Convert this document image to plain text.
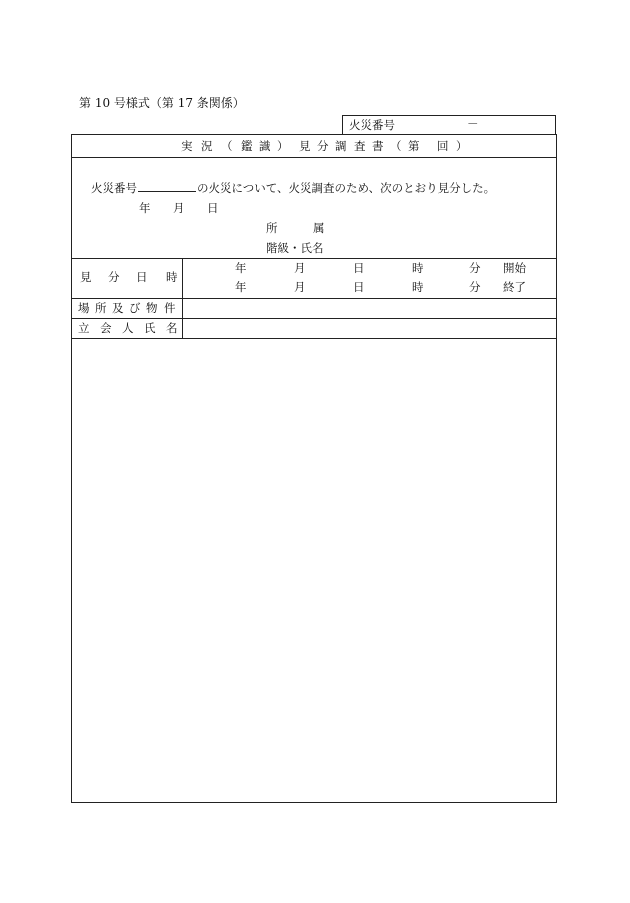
第 10 号様式（第 17 条関係）
火災番号	－
実 況 （ 鑑 識 ） 見 分 調 査 書 （ 第 回 ）
火災番号	の火災について、火災調査のため、次のとおり見分した。
年 月 日
所	属
階級・氏名
見 分 日 時
年	月	日	時	分 開始
年	月	日	時	分 終了
場 所 及 び 物 件
立 会 人 氏 名
